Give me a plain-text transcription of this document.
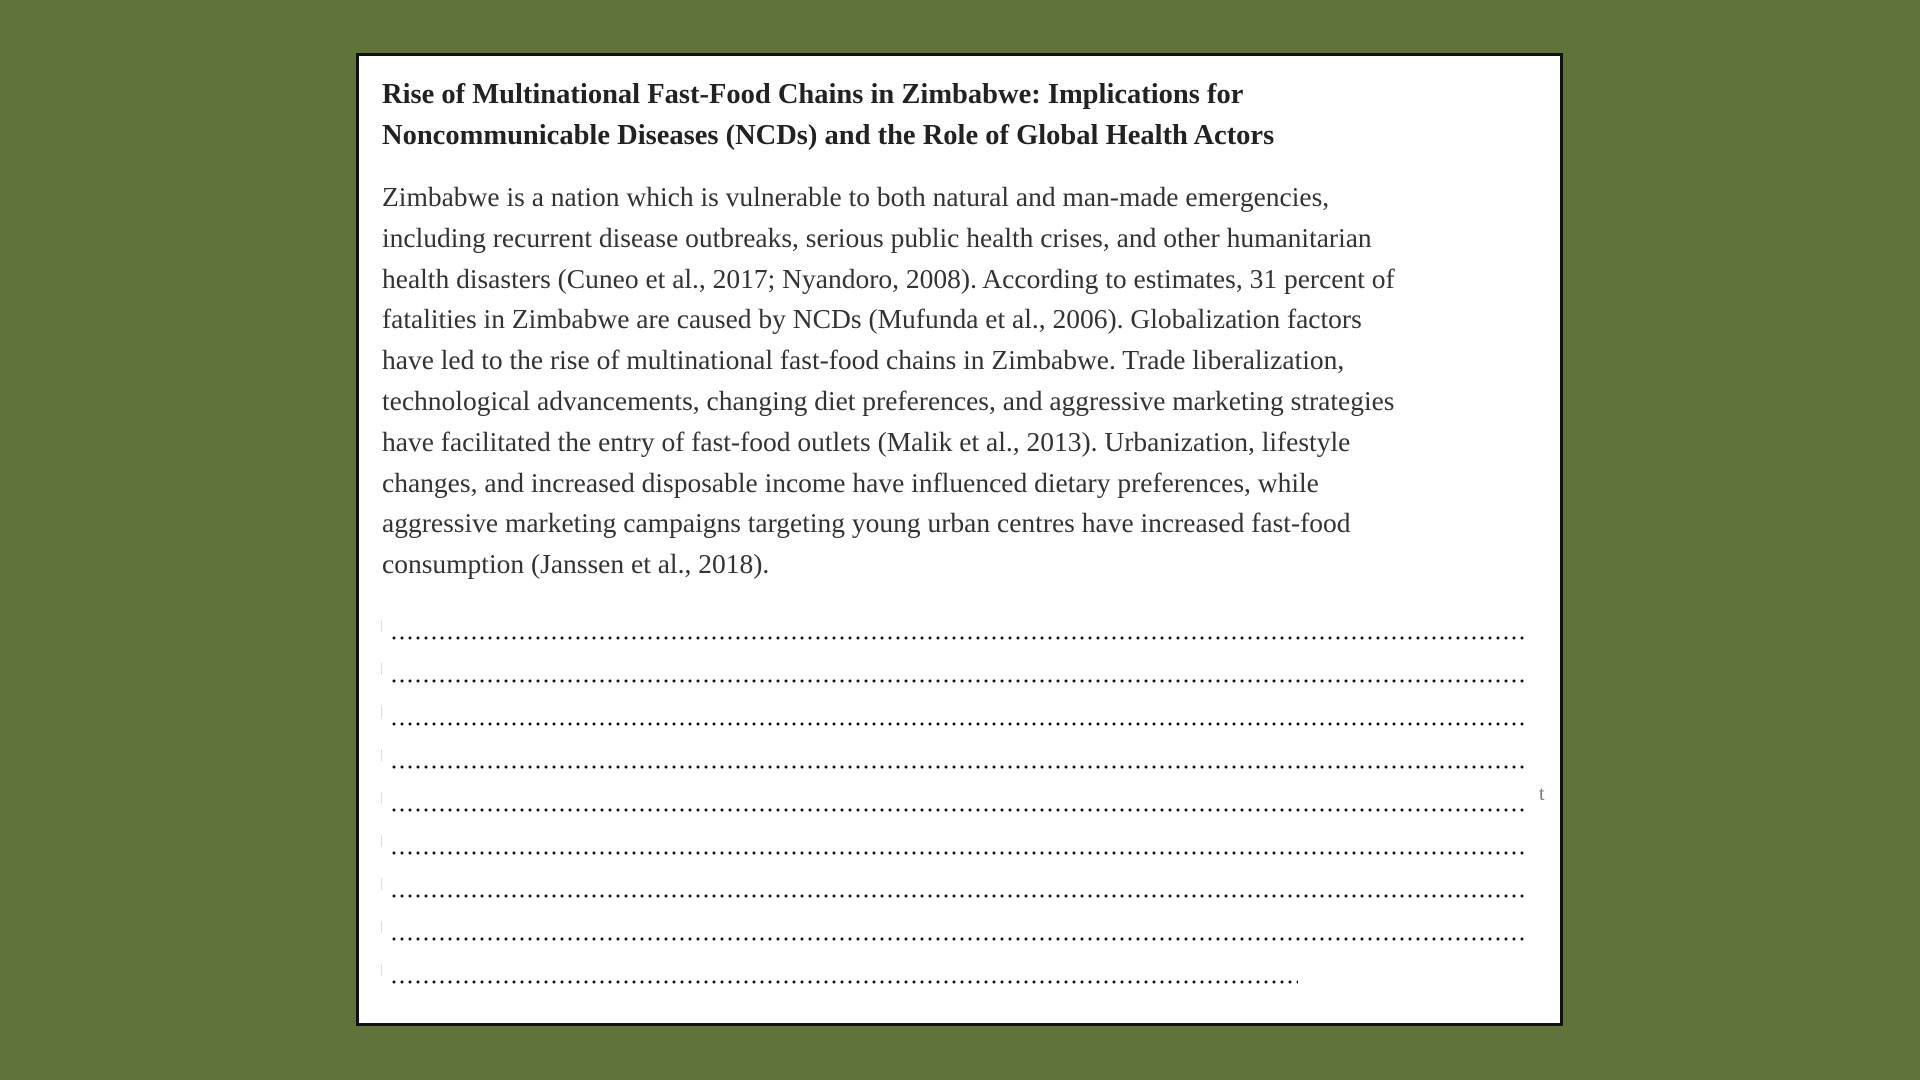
Rise of Multinational Fast-Food Chains in Zimbabwe: Implications for
Noncommunicable Diseases (NCDs) and the Role of Global Health Actors

Zimbabwe is a nation which is vulnerable to both natural and man-made emergencies,
including recurrent disease outbreaks, serious public health crises, and other humanitarian
health disasters (Cuneo et al., 2017; Nyandoro, 2008). According to estimates, 31 percent of
fatalities in Zimbabwe are caused by NCDs (Mufunda et al., 2006). Globalization factors
have led to the rise of multinational fast-food chains in Zimbabwe. Trade liberalization,
technological advancements, changing diet preferences, and aggressive marketing strategies
have facilitated the entry of fast-food outlets (Malik et al., 2013). Urbanization, lifestyle
changes, and increased disposable income have influenced dietary preferences, while
aggressive marketing campaigns targeting young urban centres have increased fast-food
consumption (Janssen et al., 2018).

t
